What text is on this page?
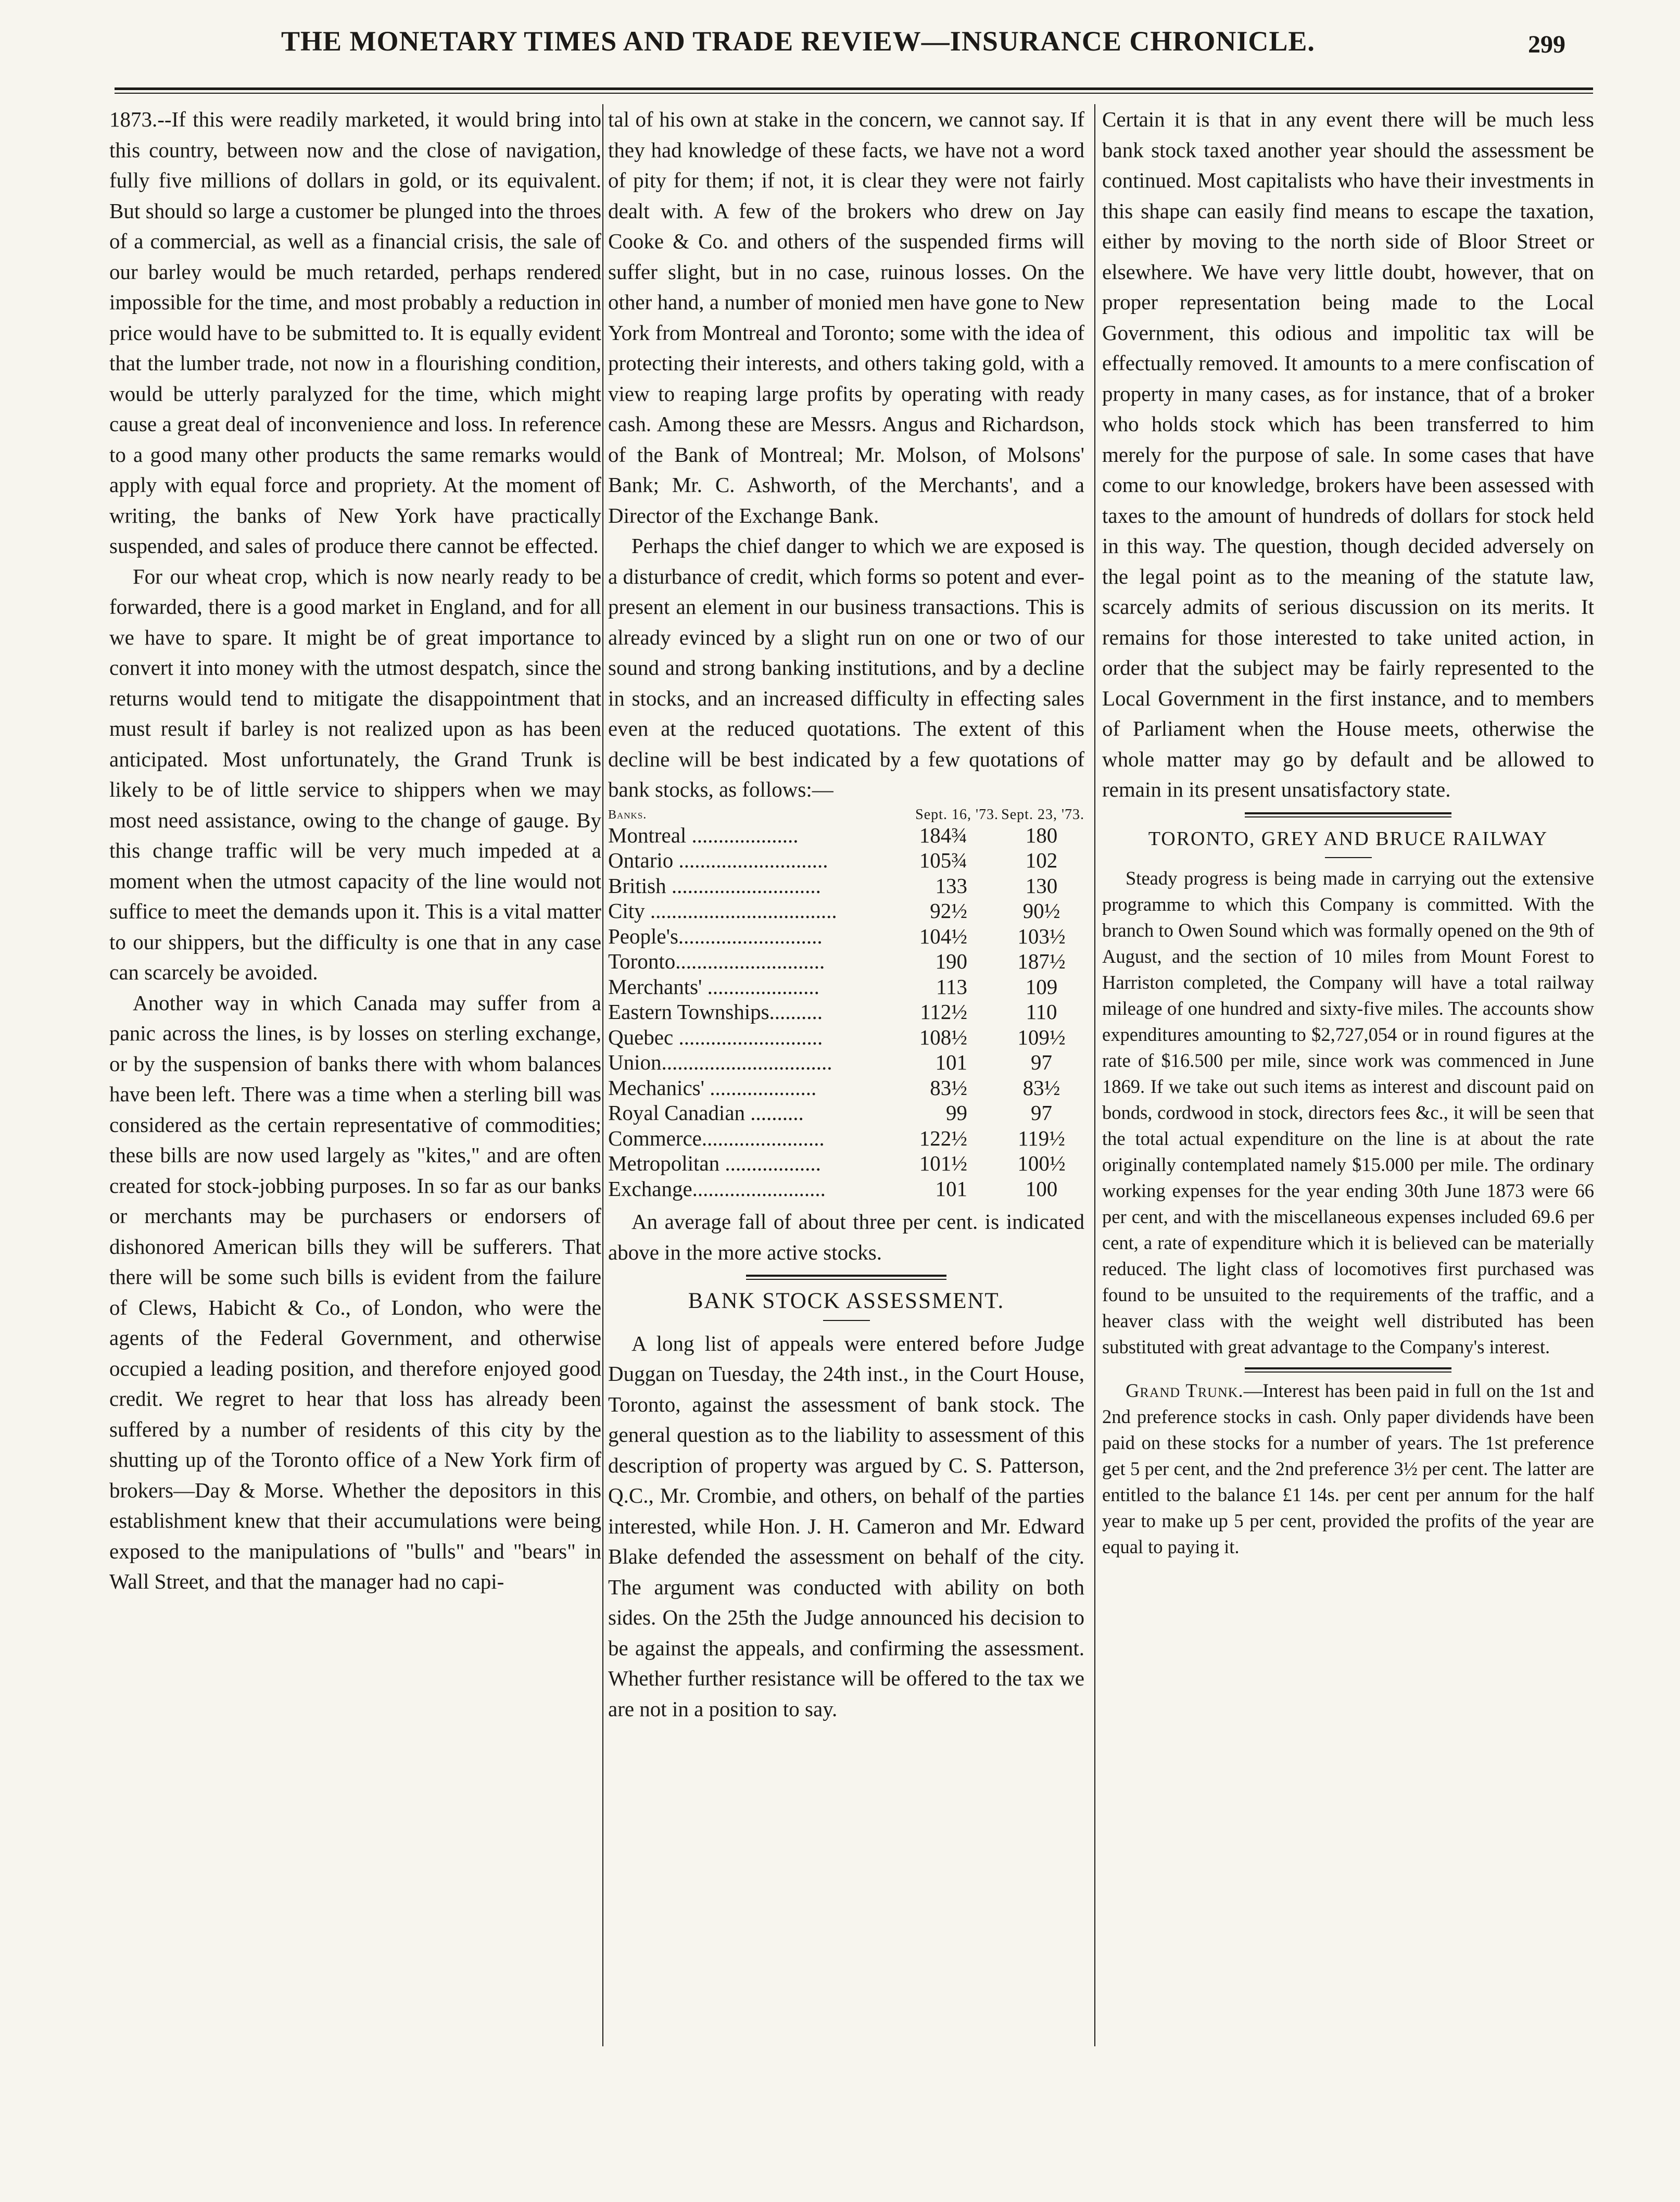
THE MONETARY TIMES AND TRADE REVIEW—INSURANCE CHRONICLE.	299

1873.--If this were readily marketed, it would bring into this country, between now and the close of navigation, fully five millions of dollars in gold, or its equivalent. But should so large a customer be plunged into the throes of a commercial, as well as a financial crisis, the sale of our barley would be much retarded, perhaps rendered impossible for the time, and most probably a reduction in price would have to be submitted to. It is equally evident that the lumber trade, not now in a flourishing condition, would be utterly paralyzed for the time, which might cause a great deal of inconvenience and loss. In reference to a good many other products the same remarks would apply with equal force and propriety. At the moment of writing, the banks of New York have practically suspended, and sales of produce there cannot be effected.

For our wheat crop, which is now nearly ready to be forwarded, there is a good market in England, and for all we have to spare. It might be of great importance to convert it into money with the utmost despatch, since the returns would tend to mitigate the disappointment that must result if barley is not realized upon as has been anticipated. Most unfortunately, the Grand Trunk is likely to be of little service to shippers when we may most need assistance, owing to the change of gauge. By this change traffic will be very much impeded at a moment when the utmost capacity of the line would not suffice to meet the demands upon it. This is a vital matter to our shippers, but the difficulty is one that in any case can scarcely be avoided.

Another way in which Canada may suffer from a panic across the lines, is by losses on sterling exchange, or by the suspension of banks there with whom balances have been left. There was a time when a sterling bill was considered as the certain representative of commodities; these bills are now used largely as "kites," and are often created for stock-jobbing purposes. In so far as our banks or merchants may be purchasers or endorsers of dishonored American bills they will be sufferers. That there will be some such bills is evident from the failure of Clews, Habicht & Co., of London, who were the agents of the Federal Government, and otherwise occupied a leading position, and therefore enjoyed good credit. We regret to hear that loss has already been suffered by a number of residents of this city by the shutting up of the Toronto office of a New York firm of brokers—Day & Morse. Whether the depositors in this establishment knew that their accumulations were being exposed to the manipulations of "bulls" and "bears" in Wall Street, and that the manager had no capi-

tal of his own at stake in the concern, we cannot say. If they had knowledge of these facts, we have not a word of pity for them; if not, it is clear they were not fairly dealt with. A few of the brokers who drew on Jay Cooke & Co. and others of the suspended firms will suffer slight, but in no case, ruinous losses. On the other hand, a number of monied men have gone to New York from Montreal and Toronto; some with the idea of protecting their interests, and others taking gold, with a view to reaping large profits by operating with ready cash. Among these are Messrs. Angus and Richardson, of the Bank of Montreal; Mr. Molson, of Molsons' Bank; Mr. C. Ashworth, of the Merchants', and a Director of the Exchange Bank.

Perhaps the chief danger to which we are exposed is a disturbance of credit, which forms so potent and ever-present an element in our business transactions. This is already evinced by a slight run on one or two of our sound and strong banking institutions, and by a decline in stocks, and an increased difficulty in effecting sales even at the reduced quotations. The extent of this decline will be best indicated by a few quotations of bank stocks, as follows:—

Banks.	Sept. 16, '73.	Sept. 23, '73.
Montreal ....................	184¾	180
Ontario ............................	105¾	102
British ............................	133	130
City ...................................	92½	90½
People's...........................	104½	103½
Toronto............................	190	187½
Merchants' .....................	113	109
Eastern Townships..........	112½	110
Quebec ...........................	108½	109½
Union................................	101	97
Mechanics' ....................	83½	83½
Royal Canadian ..........	99	97
Commerce.......................	122½	119½
Metropolitan ..................	101½	100½
Exchange.........................	101	100

An average fall of about three per cent. is indicated above in the more active stocks.

BANK STOCK ASSESSMENT.

A long list of appeals were entered before Judge Duggan on Tuesday, the 24th inst., in the Court House, Toronto, against the assessment of bank stock. The general question as to the liability to assessment of this description of property was argued by C. S. Patterson, Q.C., Mr. Crombie, and others, on behalf of the parties interested, while Hon. J. H. Cameron and Mr. Edward Blake defended the assessment on behalf of the city. The argument was conducted with ability on both sides. On the 25th the Judge announced his decision to be against the appeals, and confirming the assessment. Whether further resistance will be offered to the tax we are not in a position to say.

Certain it is that in any event there will be much less bank stock taxed another year should the assessment be continued. Most capitalists who have their investments in this shape can easily find means to escape the taxation, either by moving to the north side of Bloor Street or elsewhere. We have very little doubt, however, that on proper representation being made to the Local Government, this odious and impolitic tax will be effectually removed. It amounts to a mere confiscation of property in many cases, as for instance, that of a broker who holds stock which has been transferred to him merely for the purpose of sale. In some cases that have come to our knowledge, brokers have been assessed with taxes to the amount of hundreds of dollars for stock held in this way. The question, though decided adversely on the legal point as to the meaning of the statute law, scarcely admits of serious discussion on its merits. It remains for those interested to take united action, in order that the subject may be fairly represented to the Local Government in the first instance, and to members of Parliament when the House meets, otherwise the whole matter may go by default and be allowed to remain in its present unsatisfactory state.

TORONTO, GREY AND BRUCE RAILWAY

Steady progress is being made in carrying out the extensive programme to which this Company is committed. With the branch to Owen Sound which was formally opened on the 9th of August, and the section of 10 miles from Mount Forest to Harriston completed, the Company will have a total railway mileage of one hundred and sixty-five miles. The accounts show expenditures amounting to $2,727,054 or in round figures at the rate of $16.500 per mile, since work was commenced in June 1869. If we take out such items as interest and discount paid on bonds, cordwood in stock, directors fees &c., it will be seen that the total actual expenditure on the line is at about the rate originally contemplated namely $15.000 per mile. The ordinary working expenses for the year ending 30th June 1873 were 66 per cent, and with the miscellaneous expenses included 69.6 per cent, a rate of expenditure which it is believed can be materially reduced. The light class of locomotives first purchased was found to be unsuited to the requirements of the traffic, and a heaver class with the weight well distributed has been substituted with great advantage to the Company's interest.

Grand Trunk.—Interest has been paid in full on the 1st and 2nd preference stocks in cash. Only paper dividends have been paid on these stocks for a number of years. The 1st preference get 5 per cent, and the 2nd preference 3½ per cent. The latter are entitled to the balance £1 14s. per cent per annum for the half year to make up 5 per cent, provided the profits of the year are equal to paying it.
